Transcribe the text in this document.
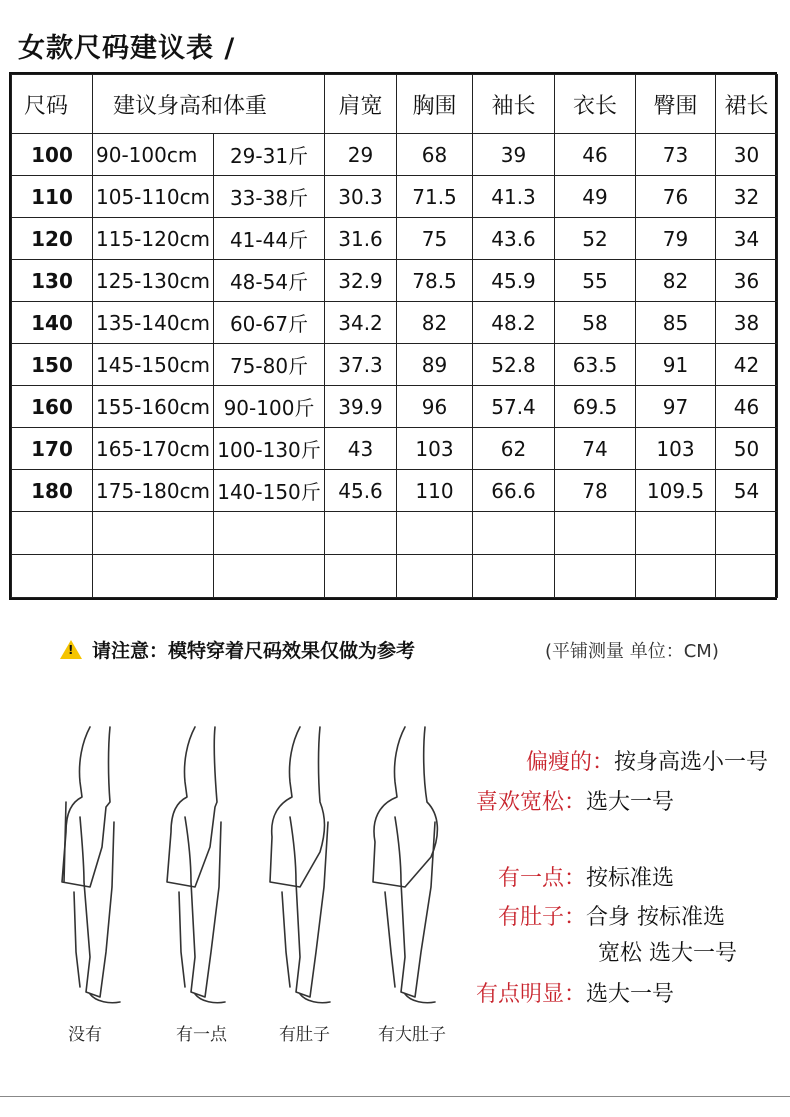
女款尺码建议表 /
尺码	建议身高和体重		肩宽	胸围	袖长	衣长	臀围	裙长
100	90-100cm	29-31斤	29	68	39	46	73	30
110	105-110cm	33-38斤	30.3	71.5	41.3	49	76	32
120	115-120cm	41-44斤	31.6	75	43.6	52	79	34
130	125-130cm	48-54斤	32.9	78.5	45.9	55	82	36
140	135-140cm	60-67斤	34.2	82	48.2	58	85	38
150	145-150cm	75-80斤	37.3	89	52.8	63.5	91	42
160	155-160cm	90-100斤	39.9	96	57.4	69.5	97	46
170	165-170cm	100-130斤	43	103	62	74	103	50
180	175-180cm	140-150斤	45.6	110	66.6	78	109.5	54

! 请注意：模特穿着尺码效果仅做为参考	(平铺测量 单位：CM)
没有	有一点	有肚子	有大肚子
偏瘦的：按身高选小一号
喜欢宽松：选大一号
有一点：按标准选
有肚子：合身 按标准选
宽松 选大一号
有点明显：选大一号
